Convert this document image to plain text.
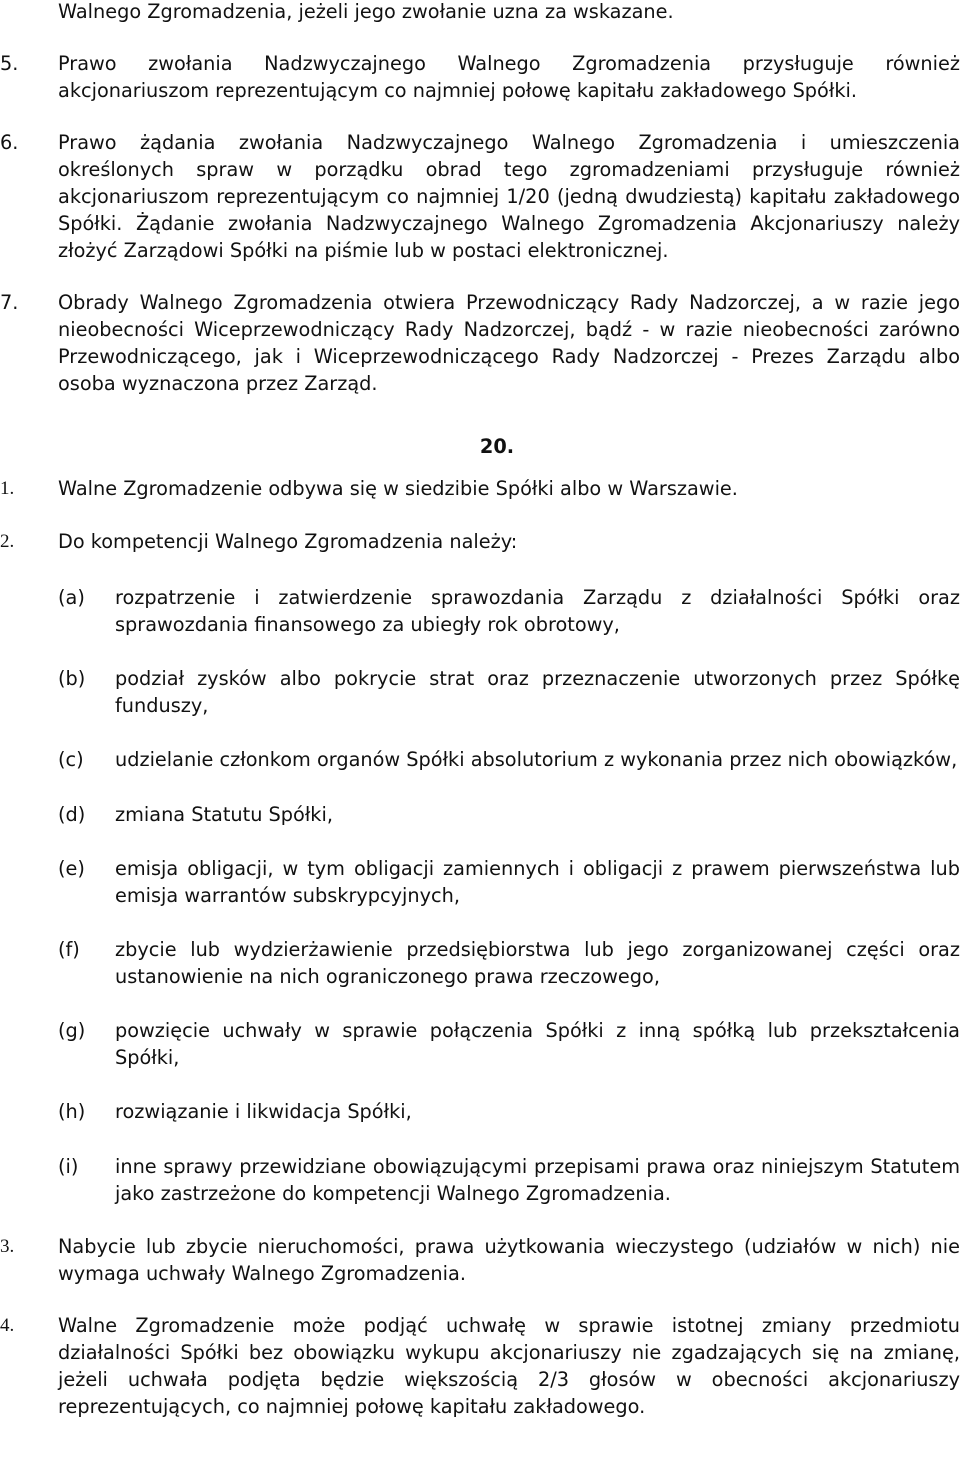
Walnego Zgromadzenia, jeżeli jego zwołanie uzna za wskazane.
5. Prawo zwołania Nadzwyczajnego Walnego Zgromadzenia przysługuje również akcjonariuszom reprezentującym co najmniej połowę kapitału zakładowego Spółki.
6. Prawo żądania zwołania Nadzwyczajnego Walnego Zgromadzenia i umieszczenia określonych spraw w porządku obrad tego zgromadzeniami przysługuje również akcjonariuszom reprezentującym co najmniej 1/20 (jedną dwudziestą) kapitału zakładowego Spółki. Żądanie zwołania Nadzwyczajnego Walnego Zgromadzenia Akcjonariuszy należy złożyć Zarządowi Spółki na piśmie lub w postaci elektronicznej.
7. Obrady Walnego Zgromadzenia otwiera Przewodniczący Rady Nadzorczej, a w razie jego nieobecności Wiceprzewodniczący Rady Nadzorczej, bądź - w razie nieobecności zarówno Przewodniczącego, jak i Wiceprzewodniczącego Rady Nadzorczej - Prezes Zarządu albo osoba wyznaczona przez Zarząd.
20.
1. Walne Zgromadzenie odbywa się w siedzibie Spółki albo w Warszawie.
2. Do kompetencji Walnego Zgromadzenia należy:
(a) rozpatrzenie i zatwierdzenie sprawozdania Zarządu z działalności Spółki oraz sprawozdania finansowego za ubiegły rok obrotowy,
(b) podział zysków albo pokrycie strat oraz przeznaczenie utworzonych przez Spółkę funduszy,
(c) udzielanie członkom organów Spółki absolutorium z wykonania przez nich obowiązków,
(d) zmiana Statutu Spółki,
(e) emisja obligacji, w tym obligacji zamiennych i obligacji z prawem pierwszeństwa lub emisja warrantów subskrypcyjnych,
(f) zbycie lub wydzierżawienie przedsiębiorstwa lub jego zorganizowanej części oraz ustanowienie na nich ograniczonego prawa rzeczowego,
(g) powzięcie uchwały w sprawie połączenia Spółki z inną spółką lub przekształcenia Spółki,
(h) rozwiązanie i likwidacja Spółki,
(i) inne sprawy przewidziane obowiązującymi przepisami prawa oraz niniejszym Statutem jako zastrzeżone do kompetencji Walnego Zgromadzenia.
3. Nabycie lub zbycie nieruchomości, prawa użytkowania wieczystego (udziałów w nich) nie wymaga uchwały Walnego Zgromadzenia.
4. Walne Zgromadzenie może podjąć uchwałę w sprawie istotnej zmiany przedmiotu działalności Spółki bez obowiązku wykupu akcjonariuszy nie zgadzających się na zmianę, jeżeli uchwała podjęta będzie większością 2/3 głosów w obecności akcjonariuszy reprezentujących, co najmniej połowę kapitału zakładowego.
